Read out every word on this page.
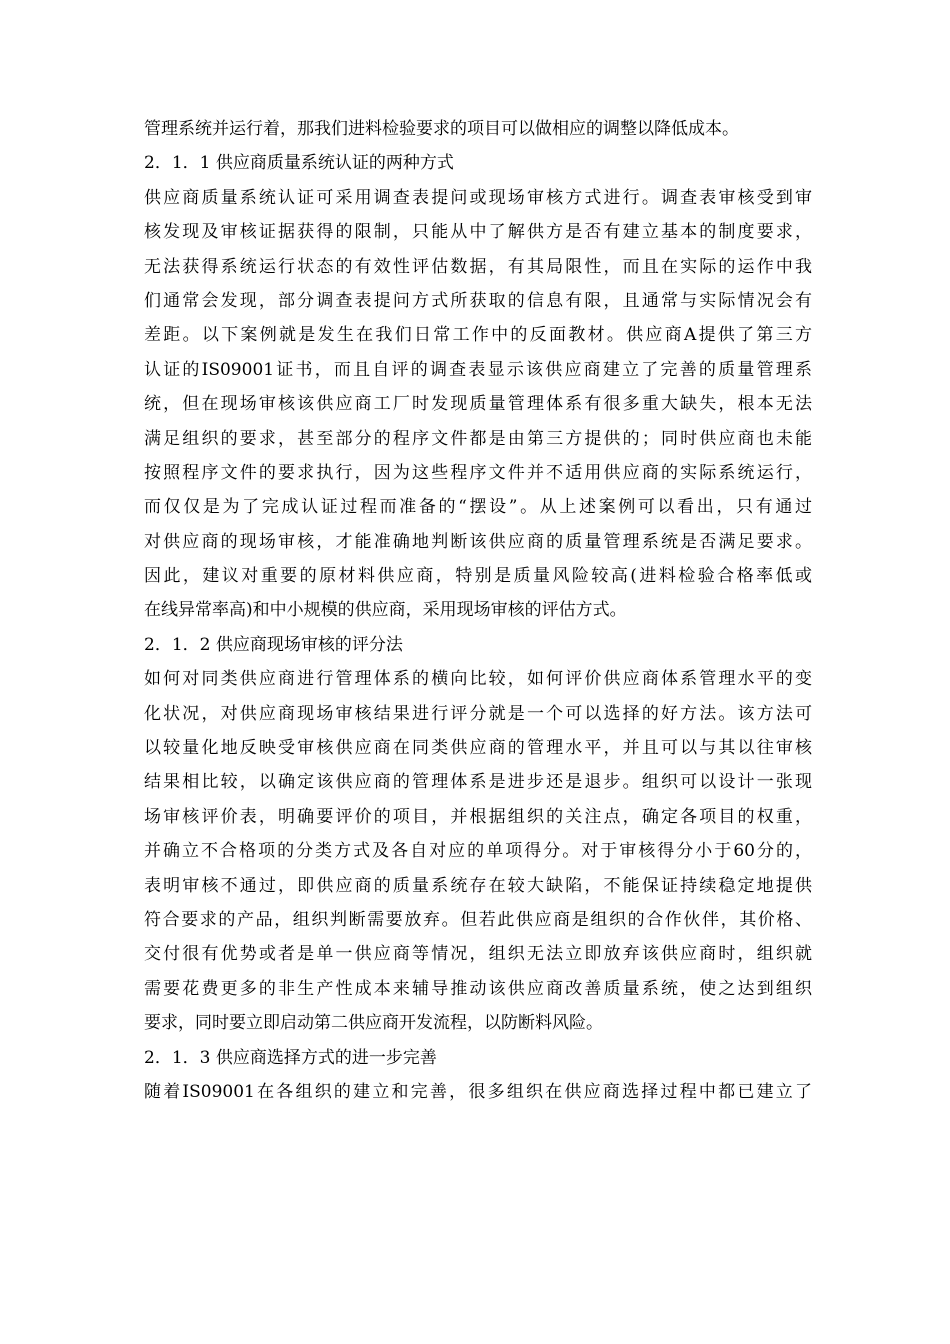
管理系统并运行着，那我们进料检验要求的项目可以做相应的调整以降低成本。
2．1．1 供应商质量系统认证的两种方式
供应商质量系统认证可采用调查表提问或现场审核方式进行。调查表审核受到审
核发现及审核证据获得的限制，只能从中了解供方是否有建立基本的制度要求，
无法获得系统运行状态的有效性评估数据，有其局限性，而且在实际的运作中我
们通常会发现，部分调查表提问方式所获取的信息有限，且通常与实际情况会有
差距。以下案例就是发生在我们日常工作中的反面教材。供应商A提供了第三方
认证的IS09001证书，而且自评的调查表显示该供应商建立了完善的质量管理系
统，但在现场审核该供应商工厂时发现质量管理体系有很多重大缺失，根本无法
满足组织的要求，甚至部分的程序文件都是由第三方提供的；同时供应商也未能
按照程序文件的要求执行，因为这些程序文件并不适用供应商的实际系统运行，
而仅仅是为了完成认证过程而准备的“摆设”。从上述案例可以看出，只有通过
对供应商的现场审核，才能准确地判断该供应商的质量管理系统是否满足要求。
因此，建议对重要的原材料供应商，特别是质量风险较高(进料检验合格率低或
在线异常率高)和中小规模的供应商，采用现场审核的评估方式。
2．1．2 供应商现场审核的评分法
如何对同类供应商进行管理体系的横向比较，如何评价供应商体系管理水平的变
化状况，对供应商现场审核结果进行评分就是一个可以选择的好方法。该方法可
以较量化地反映受审核供应商在同类供应商的管理水平，并且可以与其以往审核
结果相比较，以确定该供应商的管理体系是进步还是退步。组织可以设计一张现
场审核评价表，明确要评价的项目，并根据组织的关注点，确定各项目的权重，
并确立不合格项的分类方式及各自对应的单项得分。对于审核得分小于60分的，
表明审核不通过，即供应商的质量系统存在较大缺陷，不能保证持续稳定地提供
符合要求的产品，组织判断需要放弃。但若此供应商是组织的合作伙伴，其价格、
交付很有优势或者是单一供应商等情况，组织无法立即放弃该供应商时，组织就
需要花费更多的非生产性成本来辅导推动该供应商改善质量系统，使之达到组织
要求，同时要立即启动第二供应商开发流程，以防断料风险。
2．1．3 供应商选择方式的进一步完善
随着IS09001在各组织的建立和完善，很多组织在供应商选择过程中都已建立了
